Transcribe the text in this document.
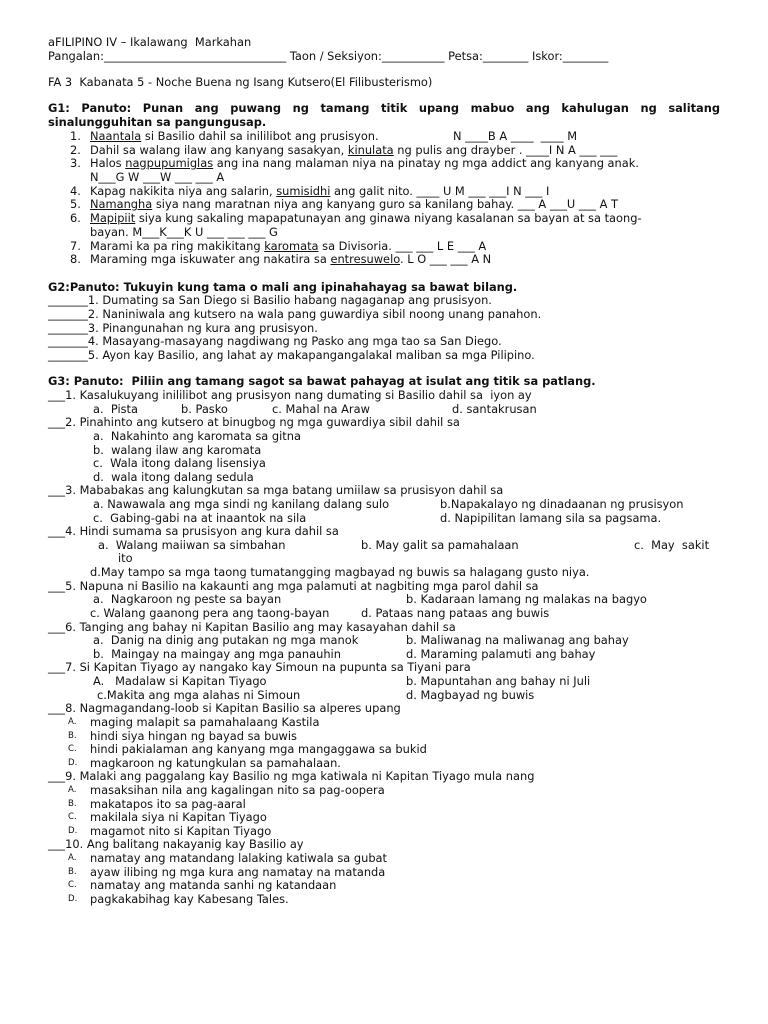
aFILIPINO IV – Ikalawang  Markahan
Pangalan:________________________________ Taon / Seksiyon:___________ Petsa:________ Iskor:________
FA 3  Kabanata 5 - Noche Buena ng Isang Kutsero(El Filibusterismo)
G1: Panuto: Punan ang puwang ng tamang titik upang mabuo ang kahulugan ng salitang
sinalungguhitan sa pangungusap.
1. Naantala si Basilio dahil sa inililibot ang prusisyon.	N ____B A ____  ____ M
2. Dahil sa walang ilaw ang kanyang sasakyan, kinulata ng pulis ang drayber . ____I N A ___ ___
3. Halos nagpupumiglas ang ina nang malaman niya na pinatay ng mga addict ang kanyang anak.
N___G W ___W ___ ___ A
4. Kapag nakikita niya ang salarin, sumisidhi ang galit nito. ____ U M ___ ___I N ___ I
5. Namangha siya nang maratnan niya ang kanyang guro sa kanilang bahay. ___ A ___U ___ A T
6. Mapipiit siya kung sakaling mapapatunayan ang ginawa niyang kasalanan sa bayan at sa taong-
bayan. M___K___K U ___ ___ ___ G
7. Marami ka pa ring makikitang karomata sa Divisoria. ___ ___ L E ___ A
8. Maraming mga iskuwater ang nakatira sa entresuwelo. L O ___ ___ A N
G2:Panuto: Tukuyin kung tama o mali ang ipinahahayag sa bawat bilang.
_______1. Dumating sa San Diego si Basilio habang nagaganap ang prusisyon.
_______2. Naniniwala ang kutsero na wala pang guwardiya sibil noong unang panahon.
_______3. Pinangunahan ng kura ang prusisyon.
_______4. Masayang-masayang nagdiwang ng Pasko ang mga tao sa San Diego.
_______5. Ayon kay Basilio, ang lahat ay makapangangalakal maliban sa mga Pilipino.
G3: Panuto:  Piliin ang tamang sagot sa bawat pahayag at isulat ang titik sa patlang.
___1. Kasalukuyang inililibot ang prusisyon nang dumating si Basilio dahil sa  iyon ay
a.  Pista	b. Pasko	c. Mahal na Araw	d. santakrusan
___2. Pinahinto ang kutsero at binugbog ng mga guwardiya sibil dahil sa
a.  Nakahinto ang karomata sa gitna
b.  walang ilaw ang karomata
c.  Wala itong dalang lisensiya
d.  wala itong dalang sedula
___3. Mababakas ang kalungkutan sa mga batang umiilaw sa prusisyon dahil sa
a. Nawawala ang mga sindi ng kanilang dalang sulo	b.Napakalayo ng dinadaanan ng prusisyon
c.  Gabing-gabi na at inaantok na sila	d. Napipilitan lamang sila sa pagsama.
___4. Hindi sumama sa prusisyon ang kura dahil sa
a.  Walang maiiwan sa simbahan	b. May galit sa pamahalaan	c.  May  sakit
ito
d.May tampo sa mga taong tumatangging magbayad ng buwis sa halagang gusto niya.
___5. Napuna ni Basilio na kakaunti ang mga palamuti at nagbiting mga parol dahil sa
a.  Nagkaroon ng peste sa bayan	b. Kadaraan lamang ng malakas na bagyo
c. Walang gaanong pera ang taong-bayan	d. Pataas nang pataas ang buwis
___6. Tanging ang bahay ni Kapitan Basilio ang may kasayahan dahil sa
a.  Danig na dinig ang putakan ng mga manok	b. Maliwanag na maliwanag ang bahay
b.  Maingay na maingay ang mga panauhin	d. Maraming palamuti ang bahay
___7. Si Kapitan Tiyago ay nangako kay Simoun na pupunta sa Tiyani para
A.   Madalaw si Kapitan Tiyago	b. Mapuntahan ang bahay ni Juli
c.Makita ang mga alahas ni Simoun	d. Magbayad ng buwis
___8. Nagmagandang-loob si Kapitan Basilio sa alperes upang
A. maging malapit sa pamahalaang Kastila
B. hindi siya hingan ng bayad sa buwis
C. hindi pakialaman ang kanyang mga mangaggawa sa bukid
D. magkaroon ng katungkulan sa pamahalaan.
___9. Malaki ang paggalang kay Basilio ng mga katiwala ni Kapitan Tiyago mula nang
A. masaksihan nila ang kagalingan nito sa pag-oopera
B. makatapos ito sa pag-aaral
C. makilala siya ni Kapitan Tiyago
D. magamot nito si Kapitan Tiyago
___10. Ang balitang nakayanig kay Basilio ay
A. namatay ang matandang lalaking katiwala sa gubat
B. ayaw ilibing ng mga kura ang namatay na matanda
C. namatay ang matanda sanhi ng katandaan
D. pagkakabihag kay Kabesang Tales.
